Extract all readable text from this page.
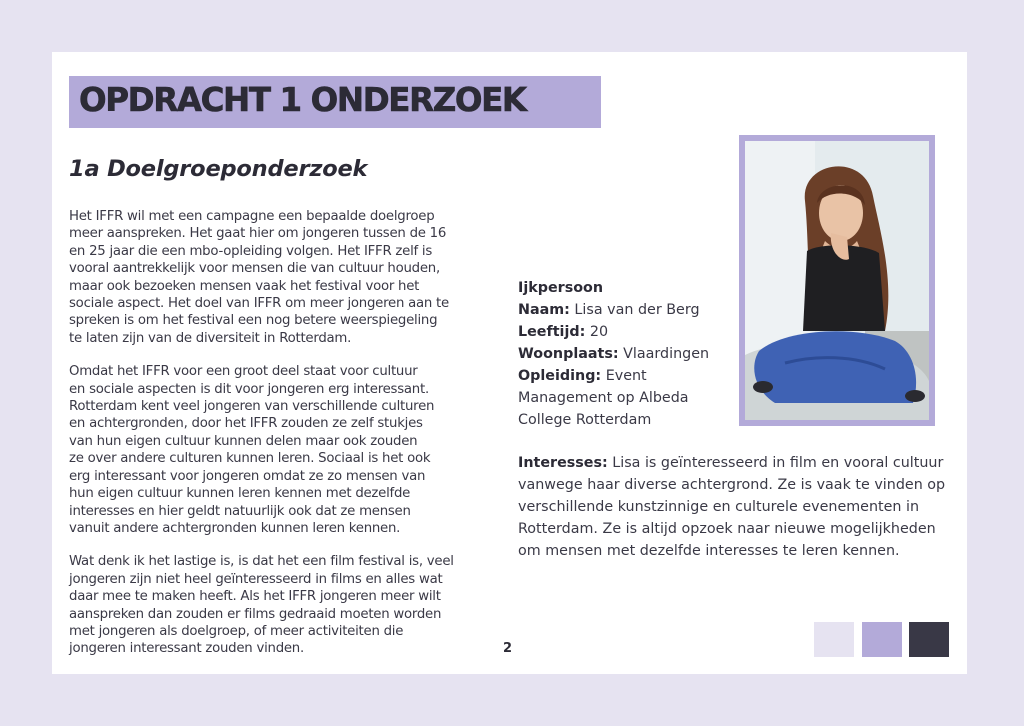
OPDRACHT 1 ONDERZOEK
1a Doelgroeponderzoek

Het IFFR wil met een campagne een bepaalde doelgroep
meer aanspreken. Het gaat hier om jongeren tussen de 16
en 25 jaar die een mbo-opleiding volgen. Het IFFR zelf is
vooral aantrekkelijk voor mensen die van cultuur houden,
maar ook bezoeken mensen vaak het festival voor het
sociale aspect. Het doel van IFFR om meer jongeren aan te
spreken is om het festival een nog betere weerspiegeling
te laten zijn van de diversiteit in Rotterdam.

Omdat het IFFR voor een groot deel staat voor cultuur
en sociale aspecten is dit voor jongeren erg interessant.
Rotterdam kent veel jongeren van verschillende culturen
en achtergronden, door het IFFR zouden ze zelf stukjes
van hun eigen cultuur kunnen delen maar ook zouden
ze over andere culturen kunnen leren. Sociaal is het ook
erg interessant voor jongeren omdat ze zo mensen van
hun eigen cultuur kunnen leren kennen met dezelfde
interesses en hier geldt natuurlijk ook dat ze mensen
vanuit andere achtergronden kunnen leren kennen.

Wat denk ik het lastige is, is dat het een film festival is, veel
jongeren zijn niet heel geïnteresseerd in films en alles wat
daar mee te maken heeft. Als het IFFR jongeren meer wilt
aanspreken dan zouden er films gedraaid moeten worden
met jongeren als doelgroep, of meer activiteiten die
jongeren interessant zouden vinden.

Ijkpersoon
Naam: Lisa van der Berg
Leeftijd: 20
Woonplaats: Vlaardingen
Opleiding: Event
Management op Albeda
College Rotterdam
Interesses: Lisa is geïnteresseerd in film en vooral cultuur
vanwege haar diverse achtergrond. Ze is vaak te vinden op
verschillende kunstzinnige en culturele evenementen in
Rotterdam. Ze is altijd opzoek naar nieuwe mogelijkheden
om mensen met dezelfde interesses te leren kennen.
2
